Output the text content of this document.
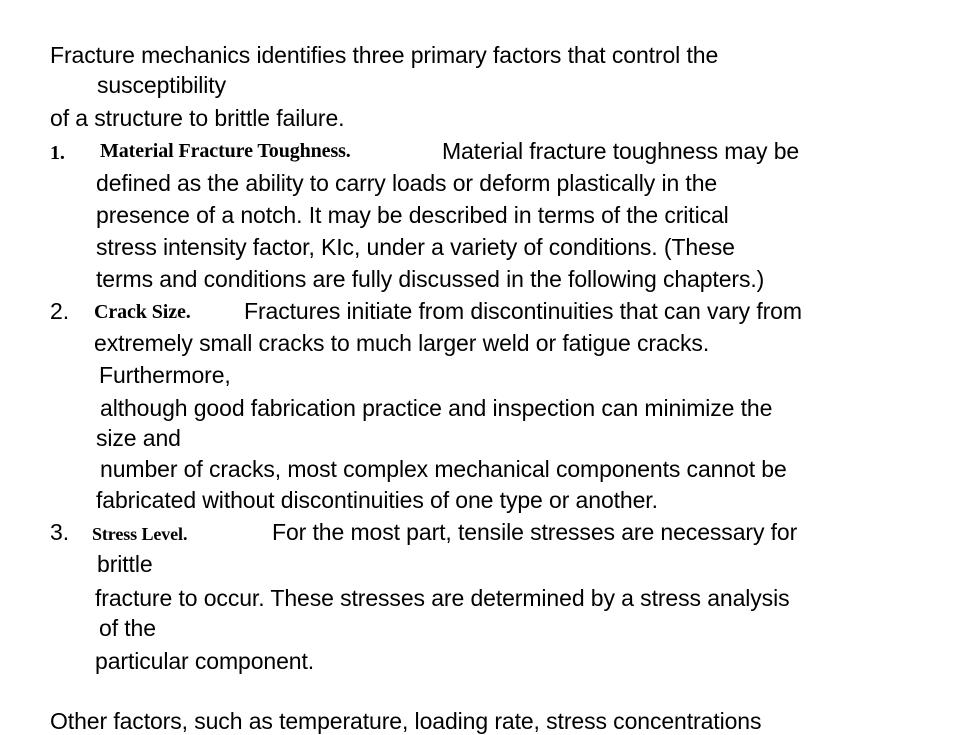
Fracture mechanics identifies three primary factors that control the
susceptibility
of a structure to brittle failure.
1. Material Fracture Toughness.	Material fracture toughness may be
defined as the ability to carry loads or deform plastically in the
presence of a notch. It may be described in terms of the critical
stress intensity factor, KIc, under a variety of conditions. (These
terms and conditions are fully discussed in the following chapters.)
2. Crack Size. Fractures initiate from discontinuities that can vary from
extremely small cracks to much larger weld or fatigue cracks.
Furthermore,
although good fabrication practice and inspection can minimize the
size and
number of cracks, most complex mechanical components cannot be
fabricated without discontinuities of one type or another.
3. Stress Level.	For the most part, tensile stresses are necessary for
brittle
fracture to occur. These stresses are determined by a stress analysis
of the
particular component.
Other factors, such as temperature, loading rate, stress concentrations
